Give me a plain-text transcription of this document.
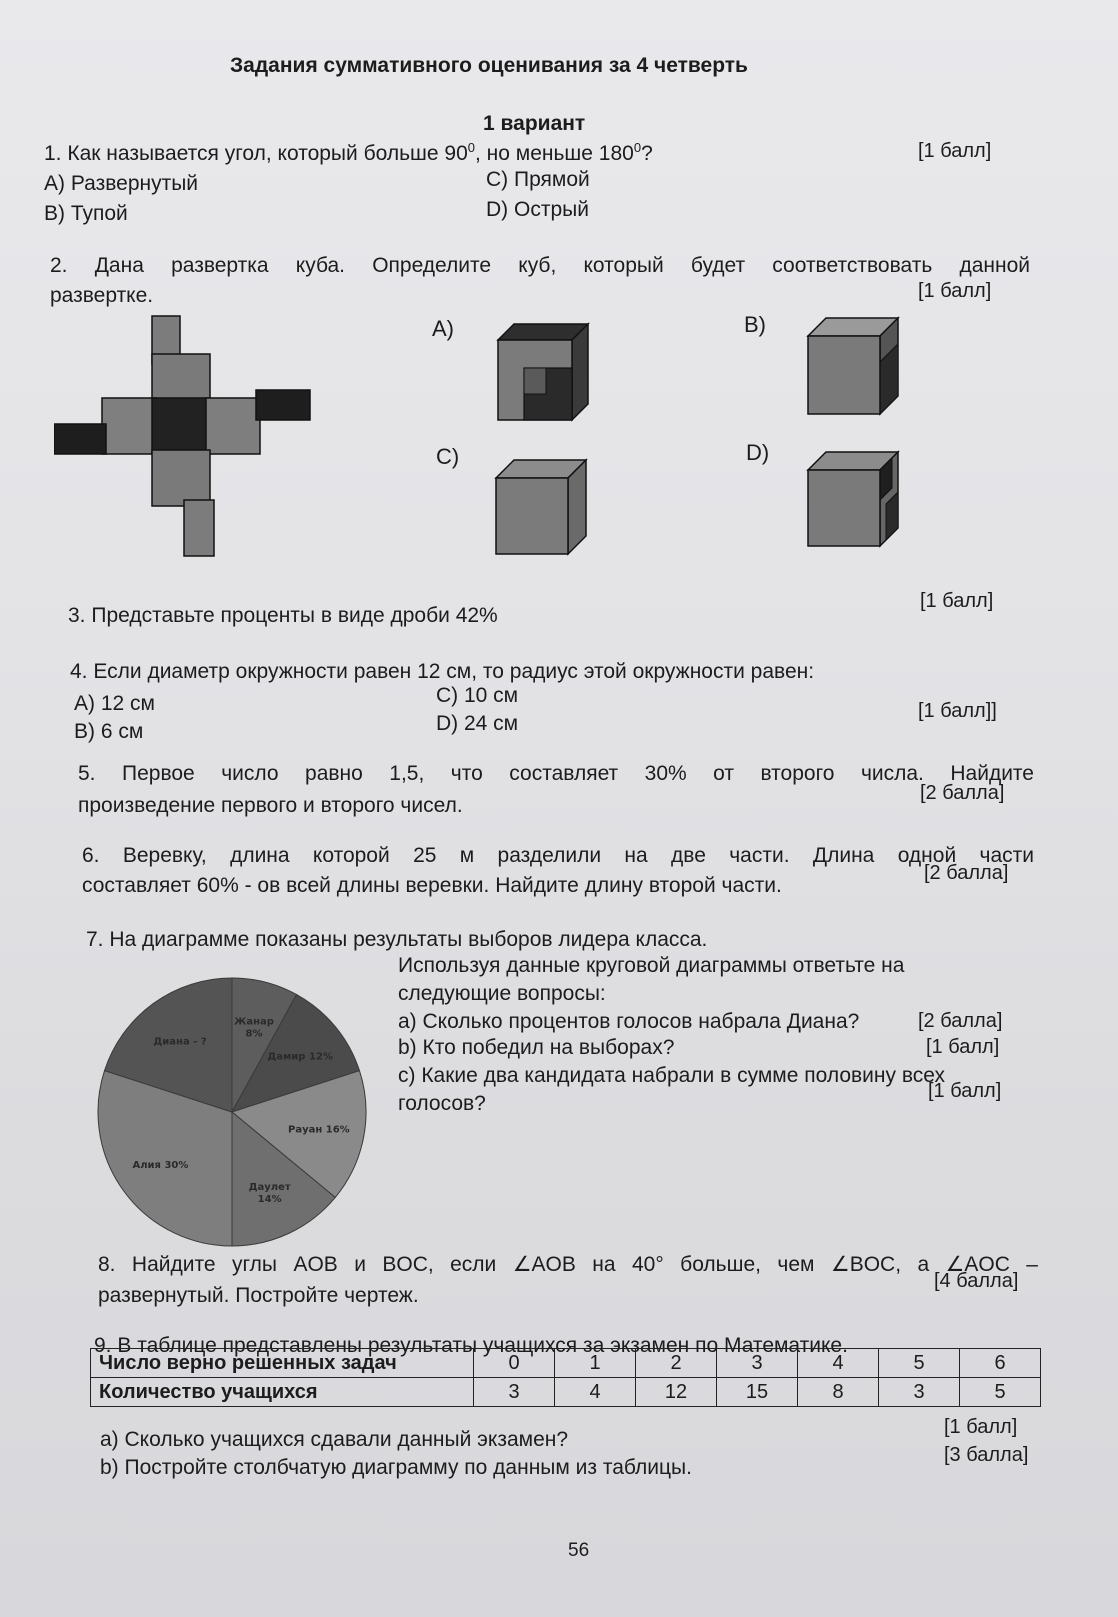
Задания суммативного оценивания за 4 четверть
1 вариант
1. Как называется угол, который больше $90^0$, но меньше $180^0$?	[1 балл]
A) Развернутый
B) Тупой
C) Прямой
D) Острый
2. Дана развертка куба. Определите куб, который будет соответствовать данной
развертке.	[1 балл]
A)	B)
C)	D)
3. Представьте проценты в виде дроби 42%
[1 балл]
4. Если диаметр окружности равен 12 см, то радиус этой окружности равен:
A) 12 см
B) 6 см
C) 10 см
D) 24 см
[1 балл]]
5. Первое число равно 1,5, что составляет 30% от второго числа. Найдите
произведение первого и второго чисел.
[2 балла]
6. Веревку, длина которой 25 м разделили на две части. Длина одной части
составляет 60% - ов всей длины веревки. Найдите длину второй части.
[2 балла]
7. На диаграмме показаны результаты выборов лидера класса.
Используя данные круговой диаграммы ответьте на
следующие вопросы:
a) Сколько процентов голосов набрала Диана?	[2 балла]
b) Кто победил на выборах?	[1 балл]
c) Какие два кандидата набрали в сумме половину всех
голосов?
[1 балл]
Жанар
8%
Дамир 12%
Рауан 16%
Даулет
14%
Алия 30%
Диана - ?
8. Найдите углы AOB и BOC, если ∠AOB на 40° больше, чем ∠BOC, а ∠AOC –
развернутый. Постройте чертеж.
[4 балла]
9. В таблице представлены результаты учащихся за экзамен по Математике.
Число верно решенных задач	0	1	2	3	4	5	6
Количество учащихся	3	4	12	15	8	3	5
a) Сколько учащихся сдавали данный экзамен?
[1 балл]
b) Постройте столбчатую диаграмму по данным из таблицы.
[3 балла]
56
